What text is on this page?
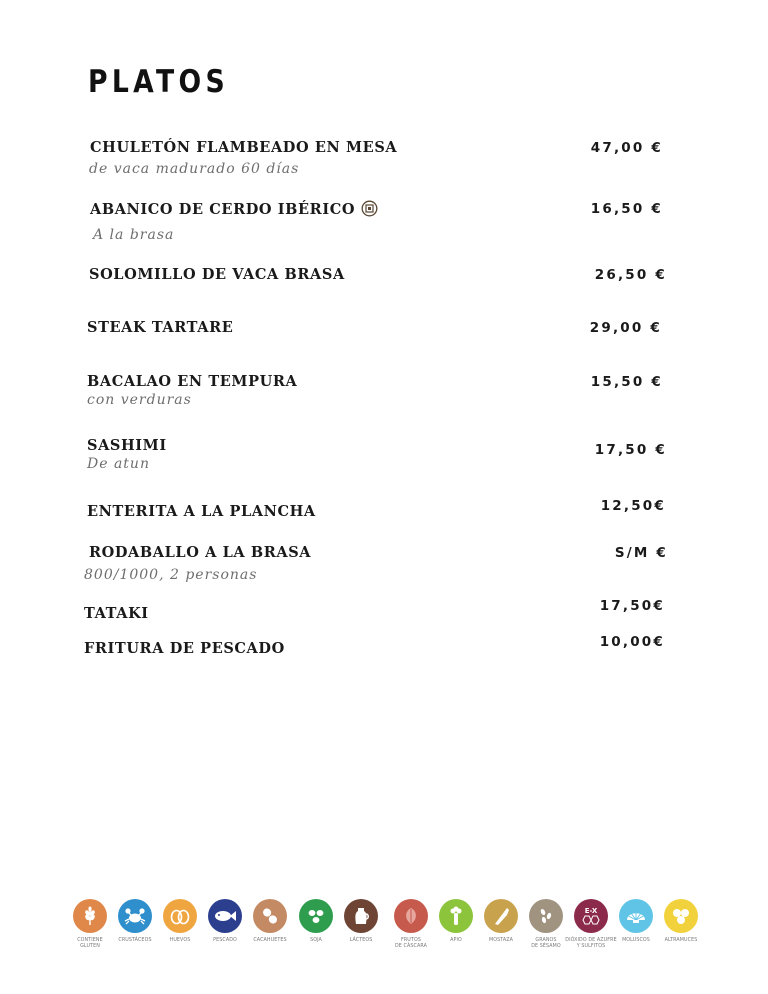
PLATOS
CHULETÓN FLAMBEADO EN MESA
de vaca madurado 60 días
47,00 €
ABANICO DE CERDO IBÉRICO
A la brasa
16,50 €
SOLOMILLO DE VACA BRASA	26,50 €
STEAK TARTARE	29,00 €
BACALAO EN TEMPURA
con verduras
15,50 €
SASHIMI
De atun
17,50 €
ENTERITA A LA PLANCHA	12,50€
RODABALLO A LA BRASA
800/1000, 2 personas
S/M €
TATAKI	17,50€
FRITURA DE PESCADO	10,00€
CONTIENE
GLUTEN
CRUSTÁCEOS	HUEVOS	PESCADO	CACAHUETES	SOJA	LÁCTEOS	FRUTOS
DE CÁSCARA
APIO	MOSTAZA	GRANOS
DE SÉSAMO
E-X
DIÓXIDO DE AZUFRE
Y SULFITOS
MOLUSCOS	ALTRAMUCES
